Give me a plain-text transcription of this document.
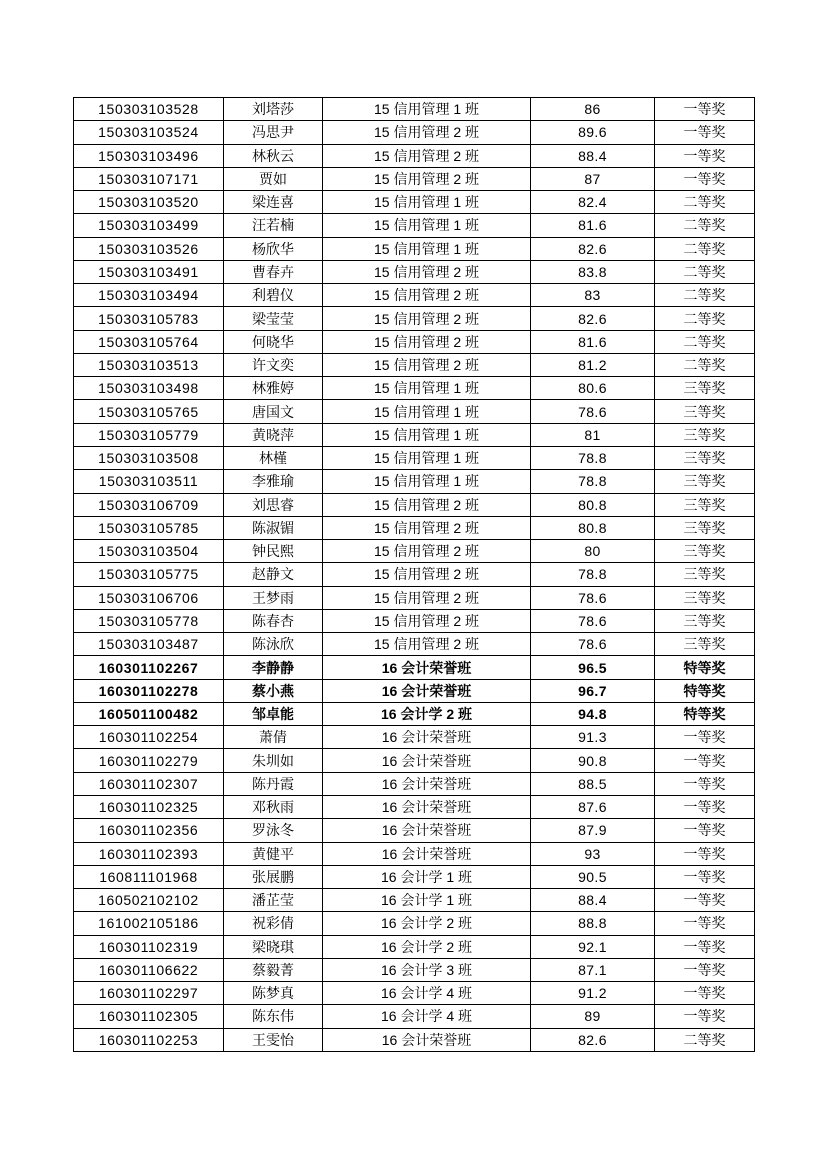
150303103528	刘塔莎	15 信用管理 1 班	86	一等奖
150303103524	冯思尹	15 信用管理 2 班	89.6	一等奖
150303103496	林秋云	15 信用管理 2 班	88.4	一等奖
150303107171	贾如	15 信用管理 2 班	87	一等奖
150303103520	梁连喜	15 信用管理 1 班	82.4	二等奖
150303103499	汪若楠	15 信用管理 1 班	81.6	二等奖
150303103526	杨欣华	15 信用管理 1 班	82.6	二等奖
150303103491	曹春卉	15 信用管理 2 班	83.8	二等奖
150303103494	利碧仪	15 信用管理 2 班	83	二等奖
150303105783	梁莹莹	15 信用管理 2 班	82.6	二等奖
150303105764	何晓华	15 信用管理 2 班	81.6	二等奖
150303103513	许文奕	15 信用管理 2 班	81.2	二等奖
150303103498	林雅婷	15 信用管理 1 班	80.6	三等奖
150303105765	唐国文	15 信用管理 1 班	78.6	三等奖
150303105779	黄晓萍	15 信用管理 1 班	81	三等奖
150303103508	林槿	15 信用管理 1 班	78.8	三等奖
150303103511	李雅瑜	15 信用管理 1 班	78.8	三等奖
150303106709	刘思睿	15 信用管理 2 班	80.8	三等奖
150303105785	陈淑镅	15 信用管理 2 班	80.8	三等奖
150303103504	钟民熙	15 信用管理 2 班	80	三等奖
150303105775	赵静文	15 信用管理 2 班	78.8	三等奖
150303106706	王梦雨	15 信用管理 2 班	78.6	三等奖
150303105778	陈春杏	15 信用管理 2 班	78.6	三等奖
150303103487	陈泳欣	15 信用管理 2 班	78.6	三等奖
160301102267	李静静	16 会计荣誉班	96.5	特等奖
160301102278	蔡小燕	16 会计荣誉班	96.7	特等奖
160501100482	邹卓能	16 会计学 2 班	94.8	特等奖
160301102254	萧倩	16 会计荣誉班	91.3	一等奖
160301102279	朱圳如	16 会计荣誉班	90.8	一等奖
160301102307	陈丹霞	16 会计荣誉班	88.5	一等奖
160301102325	邓秋雨	16 会计荣誉班	87.6	一等奖
160301102356	罗泳冬	16 会计荣誉班	87.9	一等奖
160301102393	黄健平	16 会计荣誉班	93	一等奖
160811101968	张展鹏	16 会计学 1 班	90.5	一等奖
160502102102	潘芷莹	16 会计学 1 班	88.4	一等奖
161002105186	祝彩倩	16 会计学 2 班	88.8	一等奖
160301102319	梁晓琪	16 会计学 2 班	92.1	一等奖
160301106622	蔡毅菁	16 会计学 3 班	87.1	一等奖
160301102297	陈梦真	16 会计学 4 班	91.2	一等奖
160301102305	陈东伟	16 会计学 4 班	89	一等奖
160301102253	王雯怡	16 会计荣誉班	82.6	二等奖
